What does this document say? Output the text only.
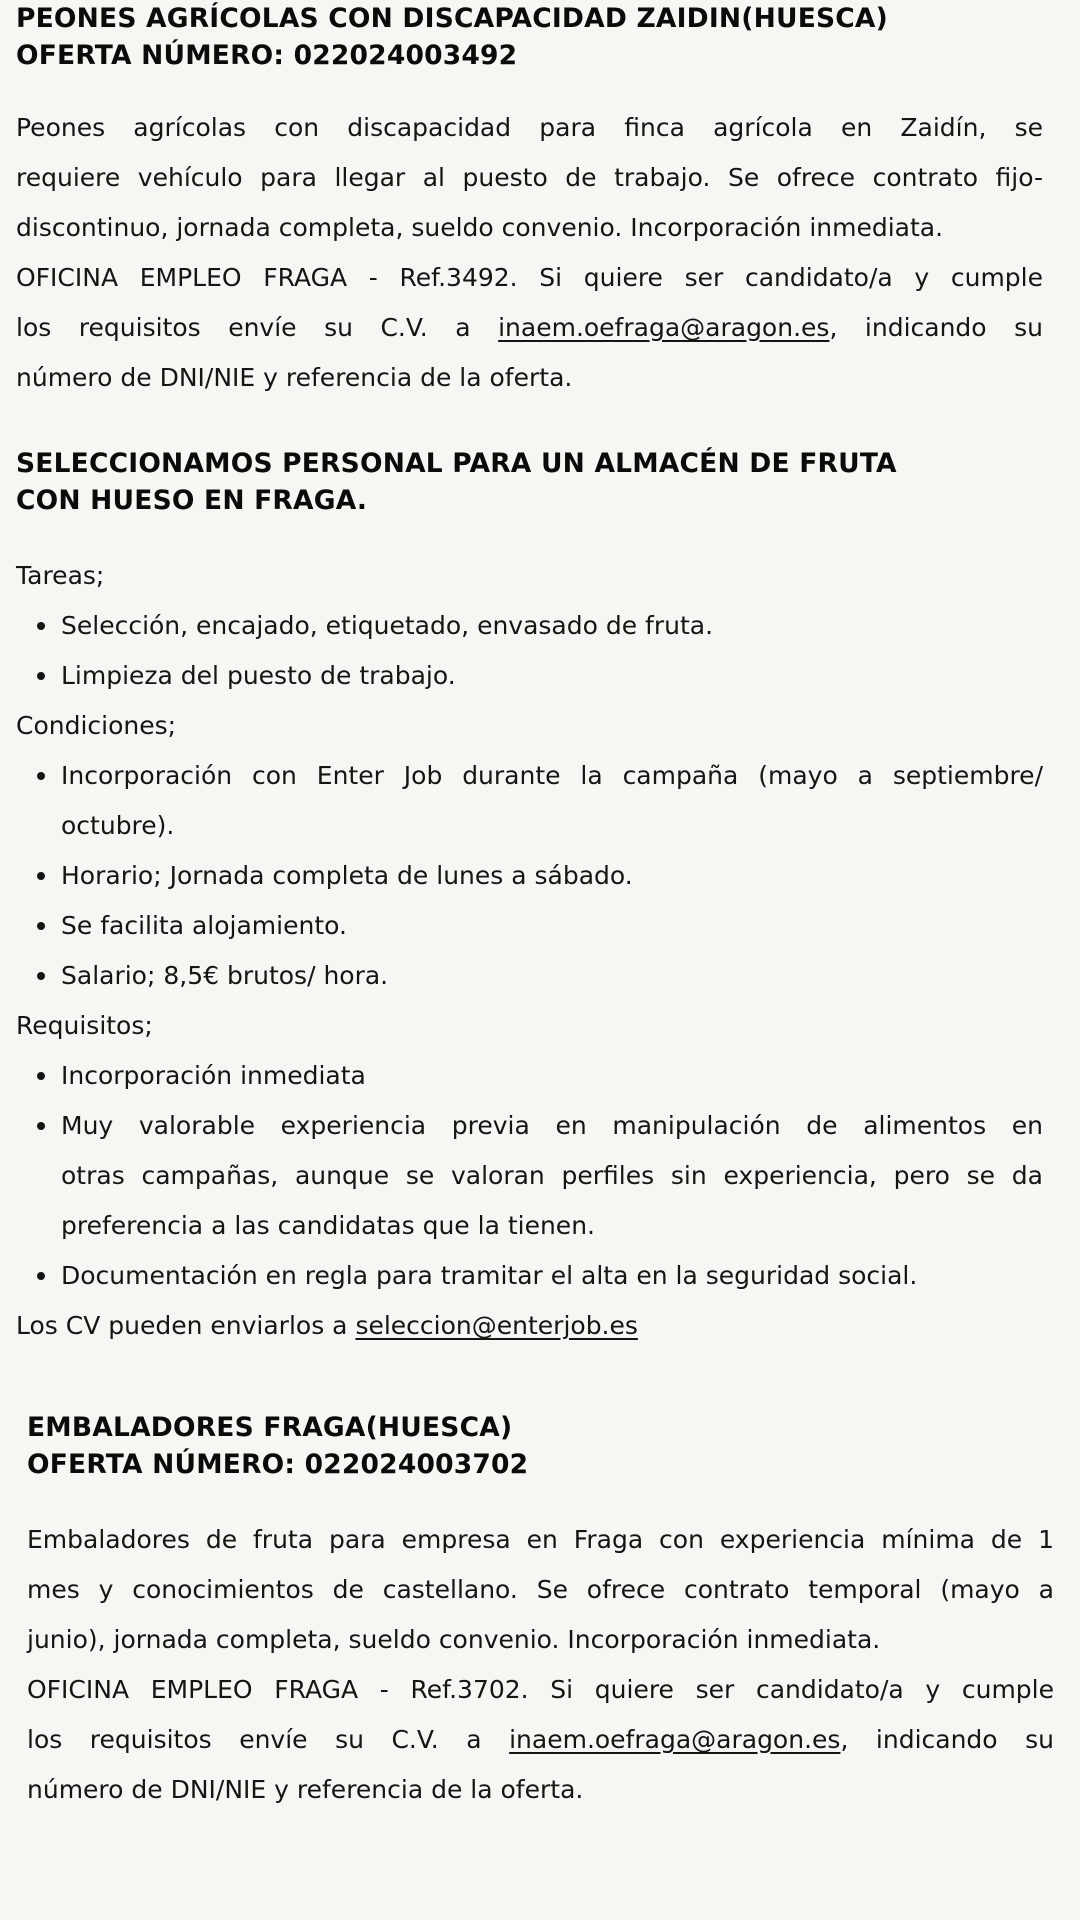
PEONES AGRÍCOLAS CON DISCAPACIDAD ZAIDIN(HUESCA)
OFERTA NÚMERO: 022024003492

Peones agrícolas con discapacidad para finca agrícola en Zaidín, se
requiere vehículo para llegar al puesto de trabajo. Se ofrece contrato fijo-
discontinuo, jornada completa, sueldo convenio. Incorporación inmediata.

OFICINA EMPLEO FRAGA - Ref.3492. Si quiere ser candidato/a y cumple
los requisitos envíe su C.V. a inaem.oefraga@aragon.es, indicando su
número de DNI/NIE y referencia de la oferta.

SELECCIONAMOS PERSONAL PARA UN ALMACÉN DE FRUTA
CON HUESO EN FRAGA.

Tareas;

Selección, encajado, etiquetado, envasado de fruta.
Limpieza del puesto de trabajo.

Condiciones;

Incorporación con Enter Job durante la campaña (mayo a septiembre/
octubre).
Horario; Jornada completa de lunes a sábado.
Se facilita alojamiento.
Salario; 8,5€ brutos/ hora.

Requisitos;

Incorporación inmediata
Muy valorable experiencia previa en manipulación de alimentos en
otras campañas, aunque se valoran perfiles sin experiencia, pero se da
preferencia a las candidatas que la tienen.
Documentación en regla para tramitar el alta en la seguridad social.

Los CV pueden enviarlos a seleccion@enterjob.es

EMBALADORES FRAGA(HUESCA)
OFERTA NÚMERO: 022024003702

Embaladores de fruta para empresa en Fraga con experiencia mínima de 1
mes y conocimientos de castellano. Se ofrece contrato temporal (mayo a
junio), jornada completa, sueldo convenio. Incorporación inmediata.

OFICINA EMPLEO FRAGA - Ref.3702. Si quiere ser candidato/a y cumple
los requisitos envíe su C.V. a inaem.oefraga@aragon.es, indicando su
número de DNI/NIE y referencia de la oferta.
